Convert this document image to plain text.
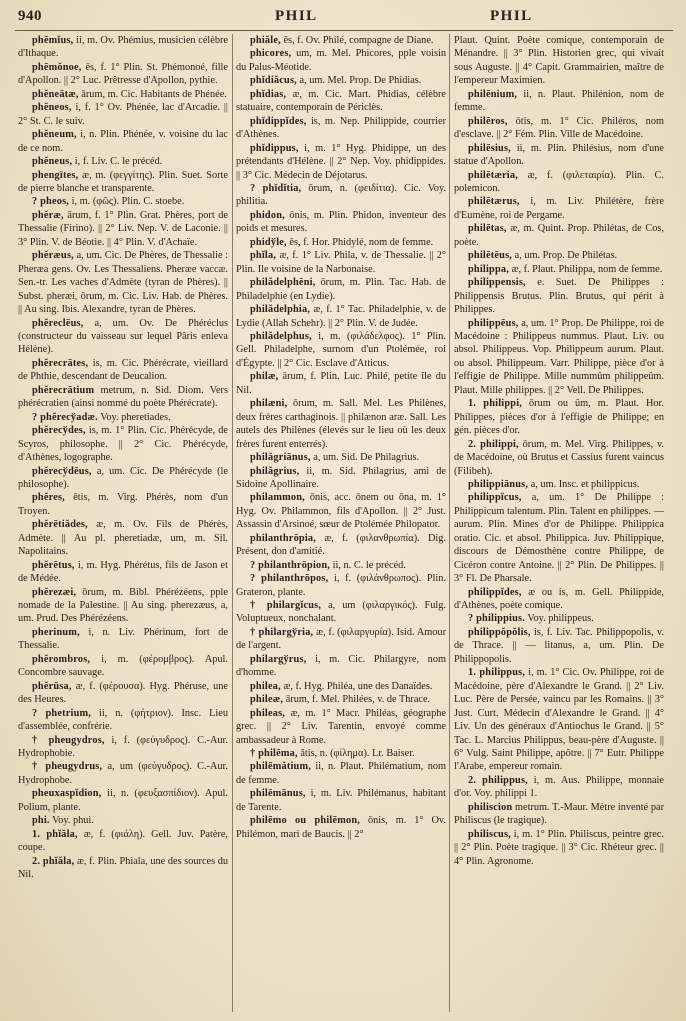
940	PHIL	PHIL

phēmĭus, ii, m. Ov. Phémius, musicien célèbre d'Ithaque.

phēmŏnoe, ēs, f. 1° Plin. St. Phémonoé, fille d'Apollon. || 2° Luc. Prêtresse d'Apollon, pythie.

phĕneātæ, ārum, m. Cic. Habitants de Phénée.

phĕneos, i, f. 1° Ov. Phénée, lac d'Arcadie. || 2° St. C. le suiv.

phĕneum, i, n. Plin. Phénée, v. voisine du lac de ce nom.

phĕneus, i, f. Liv. C. le précéd.

phengītes, æ, m. (φεγγίτης). Plin. Suet. Sorte de pierre blanche et transparente.

? pheos, i, m. (φῶς). Plin. C. stoebe.

phĕræ, ārum, f. 1° Plin. Grat. Phères, port de Thessalie (Firino). || 2° Liv. Nep. V. de Laconie. || 3° Plin. V. de Béotie. || 4° Plin. V. d'Achaïe.

phĕræus, a, um. Cic. De Phères, de Thessalie : Pheræa gens. Ov. Les Thessaliens. Pheræe vaccæ. Sen.-tr. Les vaches d'Admète (tyran de Phères). || Subst. pheræi, ōrum, m. Cic. Liv. Hab. de Phères. || Au sing. Ibis. Alexandre, tyran de Phères.

phĕreclēus, a, um. Ov. De Phéréclus (constructeur du vaisseau sur lequel Pâris enleva Hélène).

phĕrecrātes, is, m. Cic. Phérécrate, vieillard de Phthie, descendant de Deucalion.

phĕrecrātium metrum, n. Sid. Diom. Vers phérécratien (ainsi nommé du poète Phérécrate).

? phĕrecўadæ. Voy. pheretiades.

phĕrecўdes, is, m. 1° Plin. Cic. Phérécyde, de Scyros, philosophe. || 2° Cic. Phérécyde, d'Athènes, logographe.

phĕrecўdēus, a, um. Cic. De Phérécyde (le philosophe).

phĕres, ētis, m. Virg. Phérès, nom d'un Troyen.

phĕrētiădes, æ, m. Ov. Fils de Phérès, Admète. || Au pl. pheretiadæ, um, m. Sil. Napolitains.

phĕrētus, i, m. Hyg. Phérétus, fils de Jason et de Médée.

phĕrezæi, ōrum, m. Bibl. Phérézéens, pple nomade de la Palestine. || Au sing. pherezæus, a, um. Prud. Des Phérézéens.

pherinum, i, n. Liv. Phérinum, fort de Thessalie.

phĕrombros, i, m. (φέρομβρος). Apul. Concombre sauvage.

phĕrūsa, æ, f. (φέρουσα). Hyg. Phéruse, une des Heures.

? phetrium, ii, n. (φήτριον). Insc. Lieu d'assemblée, confrérie.

† pheugydros, i, f. (φεύγυδρος). C.-Aur. Hydrophobie.

† pheugydrus, a, um (φεύγυδρος). C.-Aur. Hydrophobe.

pheuxaspĭdion, ii, n. (φευξασπίδιον). Apul. Polium, plante.

phi. Voy. phui.

1. phĭăla, æ, f. (φιάλη). Gell. Juv. Patère, coupe.

2. phĭăla, æ, f. Plin. Phiala, une des sources du Nil.

phiăle, ēs, f. Ov. Philé, compagne de Diane.

phicores, um, m. Mel. Phicores, pple voisin du Palus-Méotide.

phĭdiăcus, a, um. Mel. Prop. De Phidias.

phĭdias, æ, m. Cic. Mart. Phidias, célèbre statuaire, contemporain de Périclès.

phĭdippĭdes, is, m. Nep. Philippide, courrier d'Athènes.

phĭdippus, i, m. 1° Hyg. Phidippe, un des prétendants d'Hélène. || 2° Nep. Voy. phidippides. || 3° Cic. Médecin de Déjotarus.

? phĭdĭtia, ōrum, n. (φειδίτια). Cic. Voy. philitia.

phidon, ōnis, m. Plin. Phidon, inventeur des poids et mesures.

phidўle, ēs, f. Hor. Phidylé, nom de femme.

phĭla, æ, f. 1° Liv. Phila, v. de Thessalie. || 2° Plin. Ile voisine de la Narbonaise.

philădelphēni, ōrum, m. Plin. Tac. Hab. de Philadelphie (en Lydie).

philădelphia, æ, f. 1° Tac. Philadelphie, v. de Lydie (Allah Schehr). || 2° Plin. V. de Judée.

philădelphus, i, m. (φιλάδελφος). 1° Plin. Gell. Philadelphe, surnom d'un Ptolémée, roi d'Égypte. || 2° Cic. Esclave d'Atticus.

philæ, ārum, f. Plin. Luc. Philé, petite île du Nil.

philæni, ōrum, m. Sall. Mel. Les Philènes, deux frères carthaginois. || philænon aræ. Sall. Les autels des Philènes (élevés sur le lieu où les deux frères furent enterrés).

philăgriānus, a, um. Sid. De Philagrius.

philăgrius, ii, m. Sid. Philagrius, ami de Sidoine Apollinaire.

philammon, ōnis, acc. ōnem ou ōna, m. 1° Hyg. Ov. Philammon, fils d'Apollon. || 2° Just. Assassin d'Arsinoé, sœur de Ptolémée Philopator.

philanthrōpia, æ, f. (φιλανθρωπία). Dig. Présent, don d'amitié.

? philanthrōpion, ii, n. C. le précéd.

? philanthrōpos, i, f. (φιλάνθρωπος). Plin. Grateron, plante.

† philargĭcus, a, um (φιλαργικός). Fulg. Voluptueux, nonchalant.

† philargўria, æ, f. (φιλαργυρία). Isid. Amour de l'argent.

philargўrus, i, m. Cic. Philargyre, nom d'homme.

philea, æ, f. Hyg. Philéa, une des Danaïdes.

phileæ, ārum, f. Mel. Philées, v. de Thrace.

phileas, æ, m. 1° Macr. Philéas, géographe grec. || 2° Liv. Tarentin, envoyé comme ambassadeur à Rome.

† philēma, ătis, n. (φίλημα). Lr. Baiser.

philēmătium, ii, n. Plaut. Philématium, nom de femme.

philēmānus, i, m. Liv. Philémanus, habitant de Tarente.

philēmo ou philēmon, ōnis, m. 1° Ov. Philémon, mari de Baucis. || 2°

Plaut. Quint. Poète comique, contemporain de Ménandre. || 3° Plin. Historien grec, qui vivait sous Auguste. || 4° Capit. Grammairien, maître de l'empereur Maximien.

philēnium, ii, n. Plaut. Philénion, nom de femme.

philēros, ōtis, m. 1° Cic. Philéros, nom d'esclave. || 2° Fém. Plin. Ville de Macédoine.

philēsius, ii, m. Plin. Philésius, nom d'une statue d'Apollon.

philētæria, æ, f. (φιλεταιρία). Plin. C. polemicon.

philētærus, i, m. Liv. Philétère, frère d'Eumène, roi de Pergame.

philētas, æ, m. Quint. Prop. Philétas, de Cos, poète.

philētēus, a, um. Prop. De Philétas.

philippa, æ, f. Plaut. Philippa, nom de femme.

philippensis, e. Suet. De Philippes : Philippensis Brutus. Plin. Brutus, qui périt à Philippes.

philippēus, a, um. 1° Prop. De Philippe, roi de Macédoine : Philippeus nummus. Plaut. Liv. ou absol. Philippeus. Vop. Philippeum aurum. Plaut. ou absol. Philippeum. Varr. Philippe, pièce d'or à l'effigie de Philippe. Mille nummûm philippeûm. Plaut. Mille philippes. || 2° Vell. De Philippes.

1. philippi, ōrum ou ûm, m. Plaut. Hor. Philippes, pièces d'or à l'effigie de Philippe; en gén. pièces d'or.

2. philippi, ōrum, m. Mel. Virg. Philippes, v. de Macédoine, où Brutus et Cassius furent vaincus (Filibeh).

philippiānus, a, um. Insc. et philippicus.

philippĭcus, a, um. 1° De Philippe : Philippicum talentum. Plin. Talent en philippes. — aurum. Plin. Mines d'or de Philippe. Philippica oratio. Cic. et absol. Philippica. Juv. Philippique, discours de Démosthène contre Philippe, de Cicéron contre Antoine. || 2° Plin. De Philippes. || 3° Fl. De Pharsale.

philippĭdes, æ ou is, m. Gell. Philippide, d'Athènes, poète comique.

? philippius. Voy. philippeus.

philippŏpŏlis, is, f. Liv. Tac. Philippopolis, v. de Thrace. || — litanus, a, um. Plin. De Philippopolis.

1. philippus, i, m. 1° Cic. Ov. Philippe, roi de Macédoine, père d'Alexandre le Grand. || 2° Liv. Luc. Père de Persée, vaincu par les Romains. || 3° Just. Curt. Médecin d'Alexandre le Grand. || 4° Liv. Un des généraux d'Antiochus le Grand. || 5° Tac. L. Marcius Philippus, beau-père d'Auguste. || 6° Vulg. Saint Philippe, apôtre. || 7° Eutr. Philippe l'Arabe, empereur romain.

2. philippus, i, m. Aus. Philippe, monnaie d'or. Voy. philippi 1.

philiscion metrum. T.-Maur. Mètre inventé par Philiscus (le tragique).

philiscus, i, m. 1° Plin. Philiscus, peintre grec. || 2° Plin. Poète tragique. || 3° Cic. Rhéteur grec. || 4° Plin. Agronome.
